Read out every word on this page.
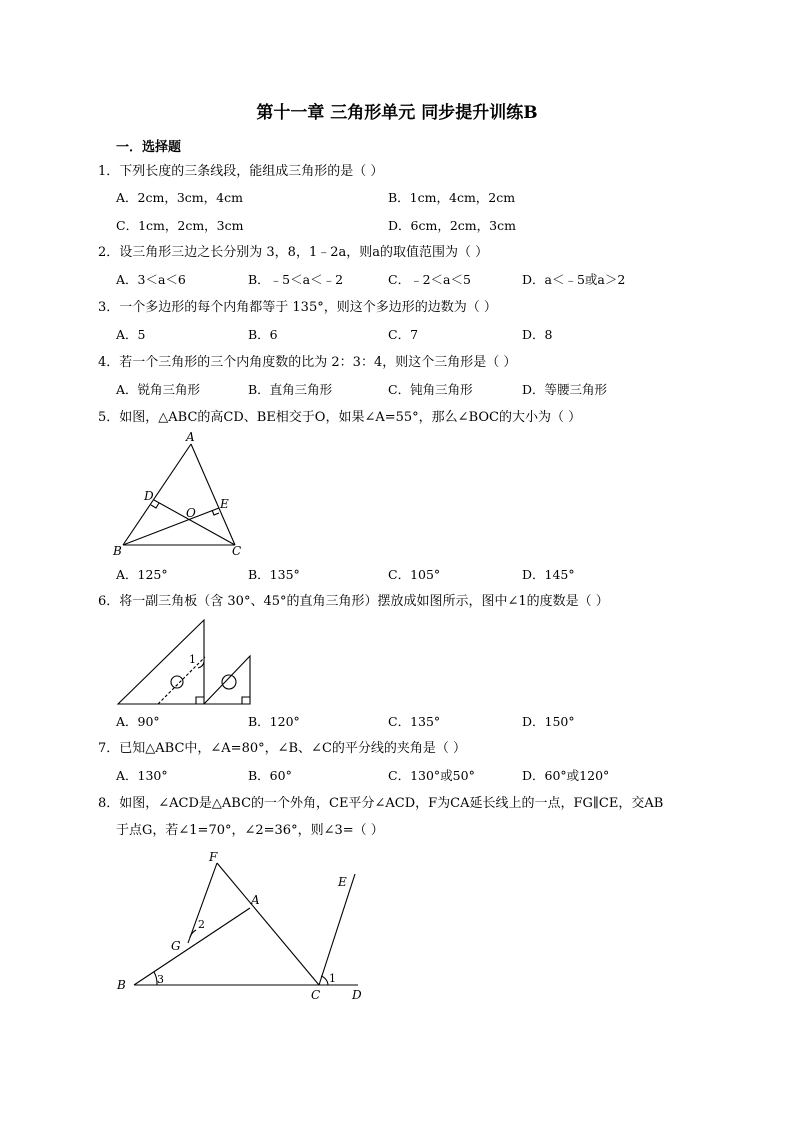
第十一章 三角形单元 同步提升训练B
一．选择题
1．下列长度的三条线段，能组成三角形的是（ ）
A．2cm，3cm，4cm	B．1cm，4cm，2cm
C．1cm，2cm，3cm	D．6cm，2cm，3cm
2．设三角形三边之长分别为 3，8，1﹣2a，则a的取值范围为（ ）
A．3＜a＜6	B．﹣5＜a＜﹣2	C．﹣2＜a＜5	D．a＜﹣5或a＞2
3．一个多边形的每个内角都等于 135°，则这个多边形的边数为（ ）
A．5	B．6	C．7	D．8
4．若一个三角形的三个内角度数的比为 2：3：4，则这个三角形是（ ）
A．锐角三角形	B．直角三角形	C．钝角三角形	D．等腰三角形
5．如图，△ABC的高CD、BE相交于O，如果∠A=55°，那么∠BOC的大小为（ ）
A
B	C
D
E
O
A．125°	B．135°	C．105°	D．145°
6．将一副三角板（含 30°、45°的直角三角形）摆放成如图所示，图中∠1的度数是（ ）
1
A．90°	B．120°	C．135°	D．150°
7．已知△ABC中，∠A=80°，∠B、∠C的平分线的夹角是（ ）
A．130°	B．60°	C．130°或50°	D．60°或120°
8．如图，∠ACD是△ABC的一个外角，CE平分∠ACD，F为CA延长线上的一点，FG∥CE，交AB
于点G，若∠1=70°，∠2=36°，则∠3=（ ）
F
A
E
G
2
B	3
C
1
D
